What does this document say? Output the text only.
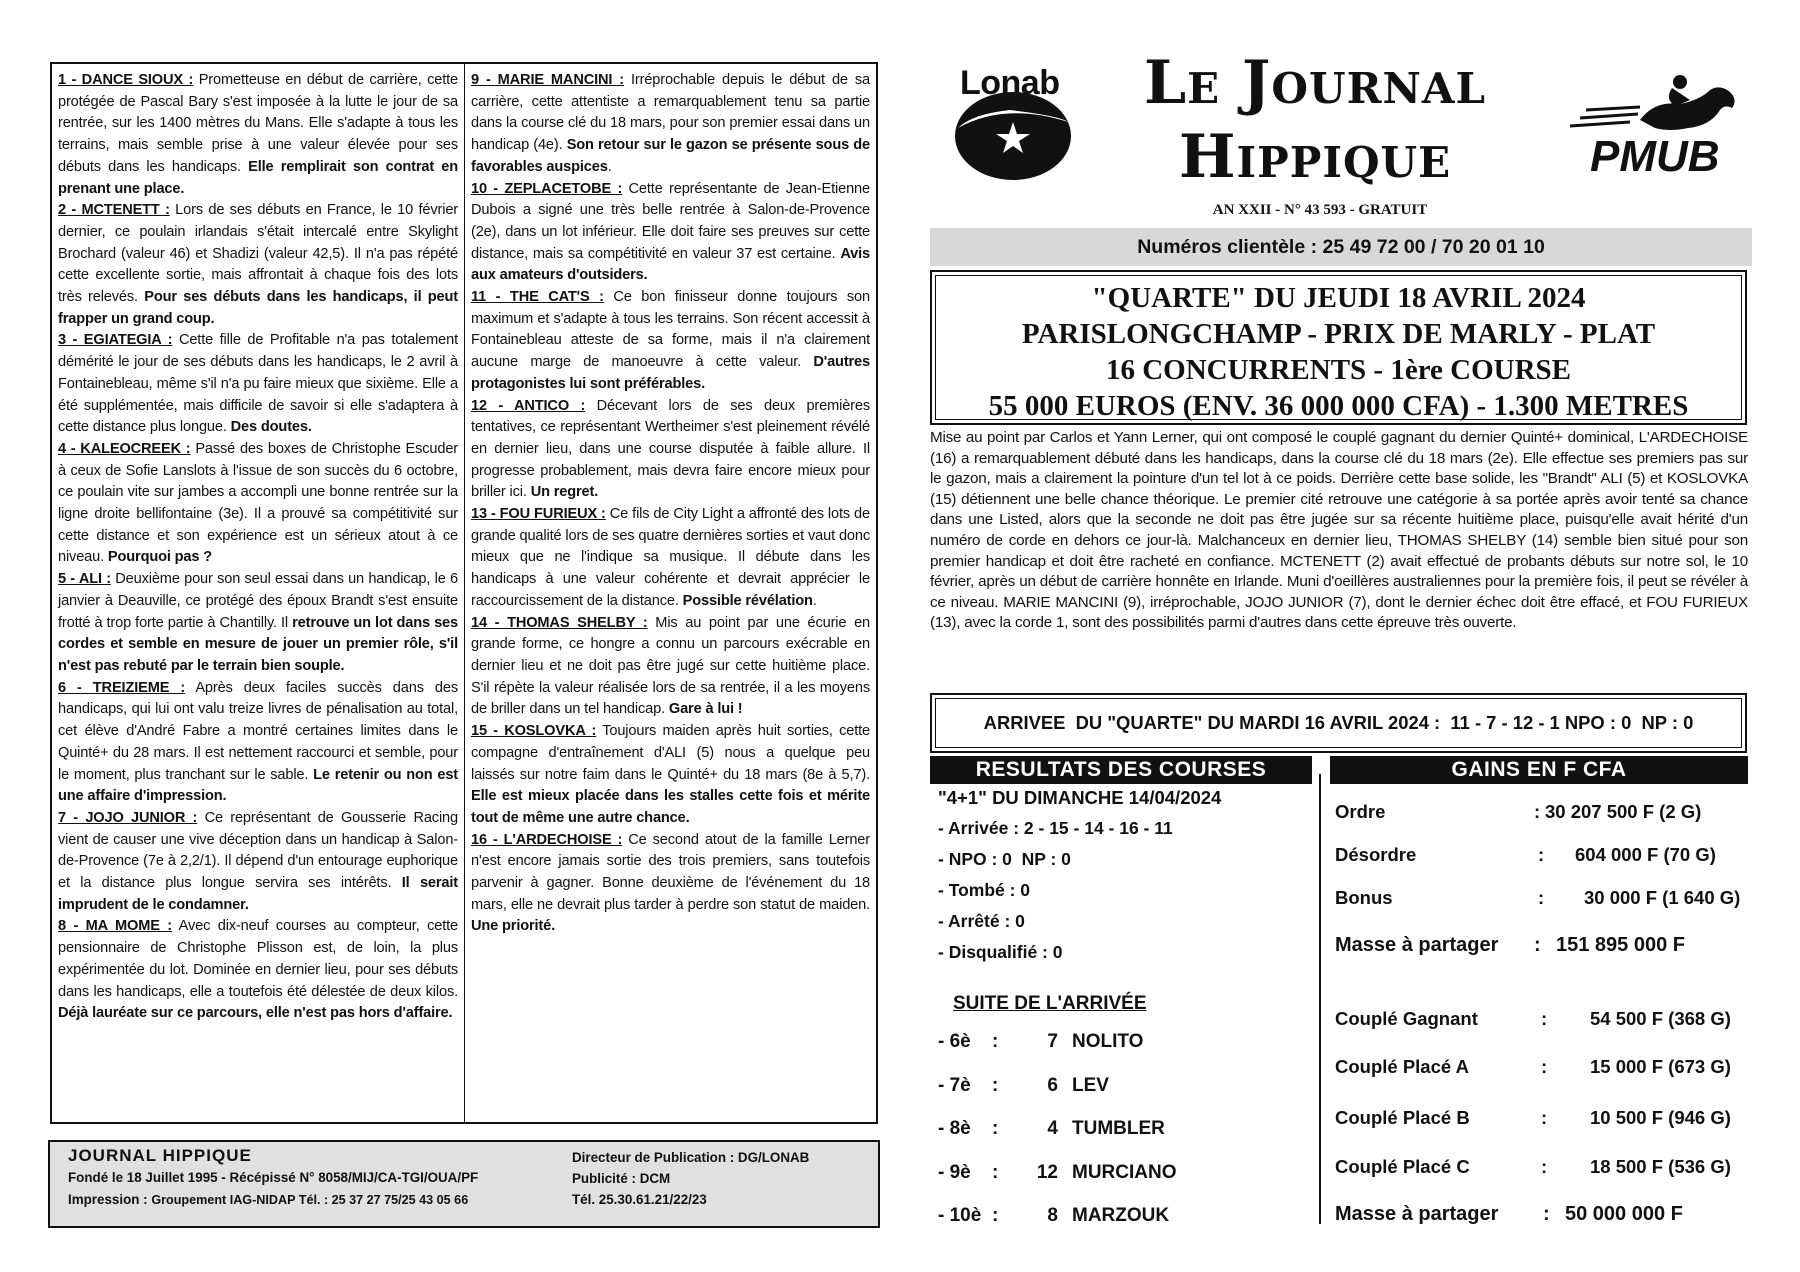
1 - DANCE SIOUX : Prometteuse en début de carrière, cette protégée de Pascal Bary s'est imposée à la lutte le jour de sa rentrée, sur les 1400 mètres du Mans. Elle s'adapte à tous les terrains, mais semble prise à une valeur élevée pour ses débuts dans les handicaps. Elle remplirait son contrat en prenant une place.
2 - MCTENETT : Lors de ses débuts en France, le 10 février dernier, ce poulain irlandais s'était intercalé entre Skylight Brochard (valeur 46) et Shadizi (valeur 42,5). Il n'a pas répété cette excellente sortie, mais affrontait à chaque fois des lots très relevés. Pour ses débuts dans les handicaps, il peut frapper un grand coup.
3 - EGIATEGIA : Cette fille de Profitable n'a pas totalement démérité le jour de ses débuts dans les handicaps, le 2 avril à Fontainebleau, même s'il n'a pu faire mieux que sixième. Elle a été supplémentée, mais difficile de savoir si elle s'adaptera à cette distance plus longue. Des doutes.
4 - KALEOCREEK : Passé des boxes de Christophe Escuder à ceux de Sofie Lanslots à l'issue de son succès du 6 octobre, ce poulain vite sur jambes a accompli une bonne rentrée sur la ligne droite bellifontaine (3e). Il a prouvé sa compétitivité sur cette distance et son expérience est un sérieux atout à ce niveau. Pourquoi pas ?
5 - ALI : Deuxième pour son seul essai dans un handicap, le 6 janvier à Deauville, ce protégé des époux Brandt s'est ensuite frotté à trop forte partie à Chantilly. Il retrouve un lot dans ses cordes et semble en mesure de jouer un premier rôle, s'il n'est pas rebuté par le terrain bien souple.
6 - TREIZIEME : Après deux faciles succès dans des handicaps, qui lui ont valu treize livres de pénalisation au total, cet élève d'André Fabre a montré certaines limites dans le Quinté+ du 28 mars. Il est nettement raccourci et semble, pour le moment, plus tranchant sur le sable. Le retenir ou non est une affaire d'impression.
7 - JOJO JUNIOR : Ce représentant de Gousserie Racing vient de causer une vive déception dans un handicap à Salon-de-Provence (7e à 2,2/1). Il dépend d'un entourage euphorique et la distance plus longue servira ses intérêts. Il serait imprudent de le condamner.
8 - MA MOME : Avec dix-neuf courses au compteur, cette pensionnaire de Christophe Plisson est, de loin, la plus expérimentée du lot. Dominée en dernier lieu, pour ses débuts dans les handicaps, elle a toutefois été délestée de deux kilos. Déjà lauréate sur ce parcours, elle n'est pas hors d'affaire.
9 - MARIE MANCINI : Irréprochable depuis le début de sa carrière, cette attentiste a remarquablement tenu sa partie dans la course clé du 18 mars, pour son premier essai dans un handicap (4e). Son retour sur le gazon se présente sous de favorables auspices.
10 - ZEPLACETOBE : Cette représentante de Jean-Etienne Dubois a signé une très belle rentrée à Salon-de-Provence (2e), dans un lot inférieur. Elle doit faire ses preuves sur cette distance, mais sa compétitivité en valeur 37 est certaine. Avis aux amateurs d'outsiders.
11 - THE CAT'S : Ce bon finisseur donne toujours son maximum et s'adapte à tous les terrains. Son récent accessit à Fontainebleau atteste de sa forme, mais il n'a clairement aucune marge de manoeuvre à cette valeur. D'autres protagonistes lui sont préférables.
12 - ANTICO : Décevant lors de ses deux premières tentatives, ce représentant Wertheimer s'est pleinement révélé en dernier lieu, dans une course disputée à faible allure. Il progresse probablement, mais devra faire encore mieux pour briller ici. Un regret.
13 - FOU FURIEUX : Ce fils de City Light a affronté des lots de grande qualité lors de ses quatre dernières sorties et vaut donc mieux que ne l'indique sa musique. Il débute dans les handicaps à une valeur cohérente et devrait apprécier le raccourcissement de la distance. Possible révélation.
14 - THOMAS SHELBY : Mis au point par une écurie en grande forme, ce hongre a connu un parcours exécrable en dernier lieu et ne doit pas être jugé sur cette huitième place. S'il répète la valeur réalisée lors de sa rentrée, il a les moyens de briller dans un tel handicap. Gare à lui !
15 - KOSLOVKA : Toujours maiden après huit sorties, cette compagne d'entraînement d'ALI (5) nous a quelque peu laissés sur notre faim dans le Quinté+ du 18 mars (8e à 5,7). Elle est mieux placée dans les stalles cette fois et mérite tout de même une autre chance.
16 - L'ARDECHOISE : Ce second atout de la famille Lerner n'est encore jamais sortie des trois premiers, sans toutefois parvenir à gagner. Bonne deuxième de l'événement du 18 mars, elle ne devrait plus tarder à perdre son statut de maiden. Une priorité.
JOURNAL HIPPIQUE
Fondé le 18 Juillet 1995 - Récépissé N° 8058/MIJ/CA-TGI/OUA/PF
Impression : Groupement IAG-NIDAP Tél. : 25 37 27 75/25 43 05 66
Directeur de Publication : DG/LONAB
Publicité : DCM
Tél. 25.30.61.21/22/23
Lonab	Le Journal
Hippique	PMUB
AN XXII - N° 43 593 - GRATUIT
Numéros clientèle : 25 49 72 00 / 70 20 01 10
"QUARTE" DU JEUDI 18 AVRIL 2024
PARISLONGCHAMP - PRIX DE MARLY - PLAT
16 CONCURRENTS - 1ère COURSE
55 000 EUROS (ENV. 36 000 000 CFA) - 1.300 METRES
Mise au point par Carlos et Yann Lerner, qui ont composé le couplé gagnant du dernier Quinté+ dominical, L'ARDECHOISE (16) a remarquablement débuté dans les handicaps, dans la course clé du 18 mars (2e). Elle effectue ses premiers pas sur le gazon, mais a clairement la pointure d'un tel lot à ce poids. Derrière cette base solide, les "Brandt" ALI (5) et KOSLOVKA (15) détiennent une belle chance théorique. Le premier cité retrouve une catégorie à sa portée après avoir tenté sa chance dans une Listed, alors que la seconde ne doit pas être jugée sur sa récente huitième place, puisqu'elle avait hérité d'un numéro de corde en dehors ce jour-là. Malchanceux en dernier lieu, THOMAS SHELBY (14) semble bien situé pour son premier handicap et doit être racheté en confiance. MCTENETT (2) avait effectué de probants débuts sur notre sol, le 10 février, après un début de carrière honnête en Irlande. Muni d'oeillères australiennes pour la première fois, il peut se révéler à ce niveau. MARIE MANCINI (9), irréprochable, JOJO JUNIOR (7), dont le dernier échec doit être effacé, et FOU FURIEUX (13), avec la corde 1, sont des possibilités parmi d'autres dans cette épreuve très ouverte.
ARRIVEE  DU "QUARTE" DU MARDI 16 AVRIL 2024 :  11 - 7 - 12 - 1 NPO : 0  NP : 0
RESULTATS DES COURSES	GAINS EN F CFA
"4+1" DU DIMANCHE 14/04/2024
- Arrivée : 2 - 15 - 14 - 16 - 11
- NPO : 0  NP : 0
- Tombé : 0
- Arrêté : 0
- Disqualifié : 0
SUITE DE L'ARRIVÉE
- 6è :	7 NOLITO
- 7è :	6 LEV
- 8è :	4 TUMBLER
- 9è :	12 MURCIANO
- 10è :	8 MARZOUK
Ordre	: 30 207 500 F (2 G)
Désordre	: 604 000 F (70 G)
Bonus	: 30 000 F (1 640 G)
Masse à partager : 151 895 000 F
Couplé Gagnant	: 54 500 F (368 G)
Couplé Placé A	: 15 000 F (673 G)
Couplé Placé B	: 10 500 F (946 G)
Couplé Placé C	: 18 500 F (536 G)
Masse à partager : 50 000 000 F
